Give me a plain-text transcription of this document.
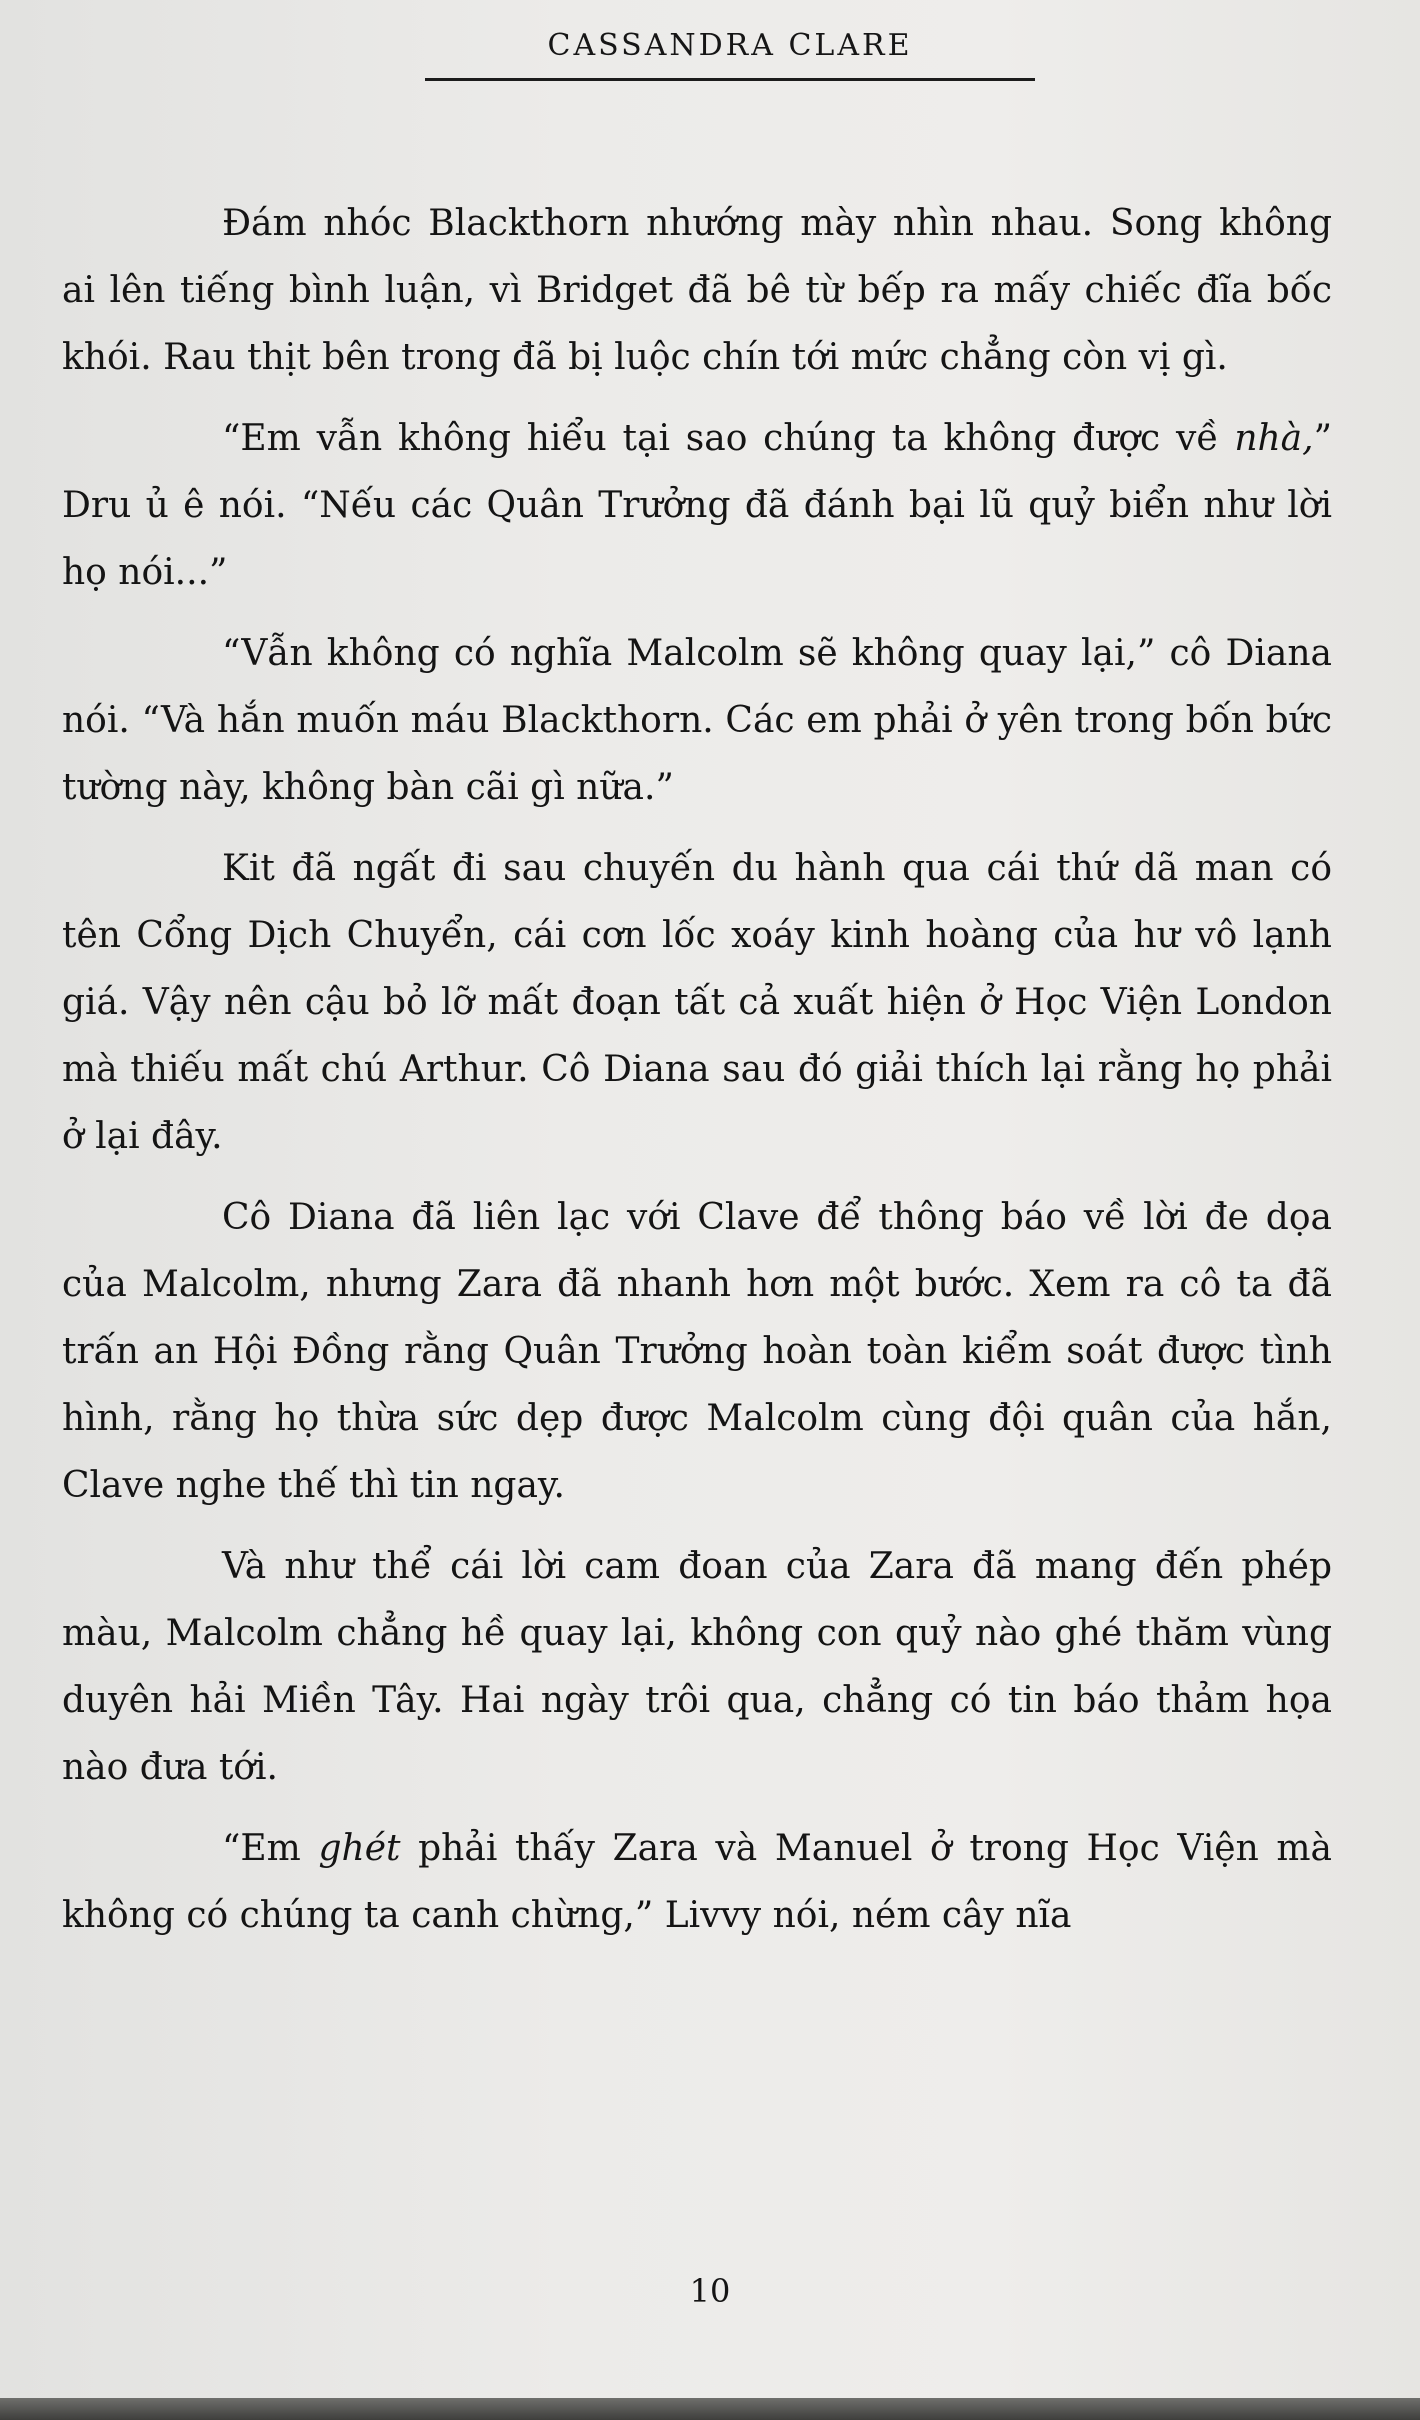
CASSANDRA CLARE

Đám nhóc Blackthorn nhướng mày nhìn nhau. Song không ai lên tiếng bình luận, vì Bridget đã bê từ bếp ra mấy chiếc đĩa bốc khói. Rau thịt bên trong đã bị luộc chín tới mức chẳng còn vị gì.

“Em vẫn không hiểu tại sao chúng ta không được về nhà,” Dru ủ ê nói. “Nếu các Quân Trưởng đã đánh bại lũ quỷ biển như lời họ nói...”

“Vẫn không có nghĩa Malcolm sẽ không quay lại,” cô Diana nói. “Và hắn muốn máu Blackthorn. Các em phải ở yên trong bốn bức tường này, không bàn cãi gì nữa.”

Kit đã ngất đi sau chuyến du hành qua cái thứ dã man có tên Cổng Dịch Chuyển, cái cơn lốc xoáy kinh hoàng của hư vô lạnh giá. Vậy nên cậu bỏ lỡ mất đoạn tất cả xuất hiện ở Học Viện London mà thiếu mất chú Arthur. Cô Diana sau đó giải thích lại rằng họ phải ở lại đây.

Cô Diana đã liên lạc với Clave để thông báo về lời đe dọa của Malcolm, nhưng Zara đã nhanh hơn một bước. Xem ra cô ta đã trấn an Hội Đồng rằng Quân Trưởng hoàn toàn kiểm soát được tình hình, rằng họ thừa sức dẹp được Malcolm cùng đội quân của hắn, Clave nghe thế thì tin ngay.

Và như thể cái lời cam đoan của Zara đã mang đến phép màu, Malcolm chẳng hề quay lại, không con quỷ nào ghé thăm vùng duyên hải Miền Tây. Hai ngày trôi qua, chẳng có tin báo thảm họa nào đưa tới.

“Em ghét phải thấy Zara và Manuel ở trong Học Viện mà không có chúng ta canh chừng,” Livvy nói, ném cây nĩa

10
